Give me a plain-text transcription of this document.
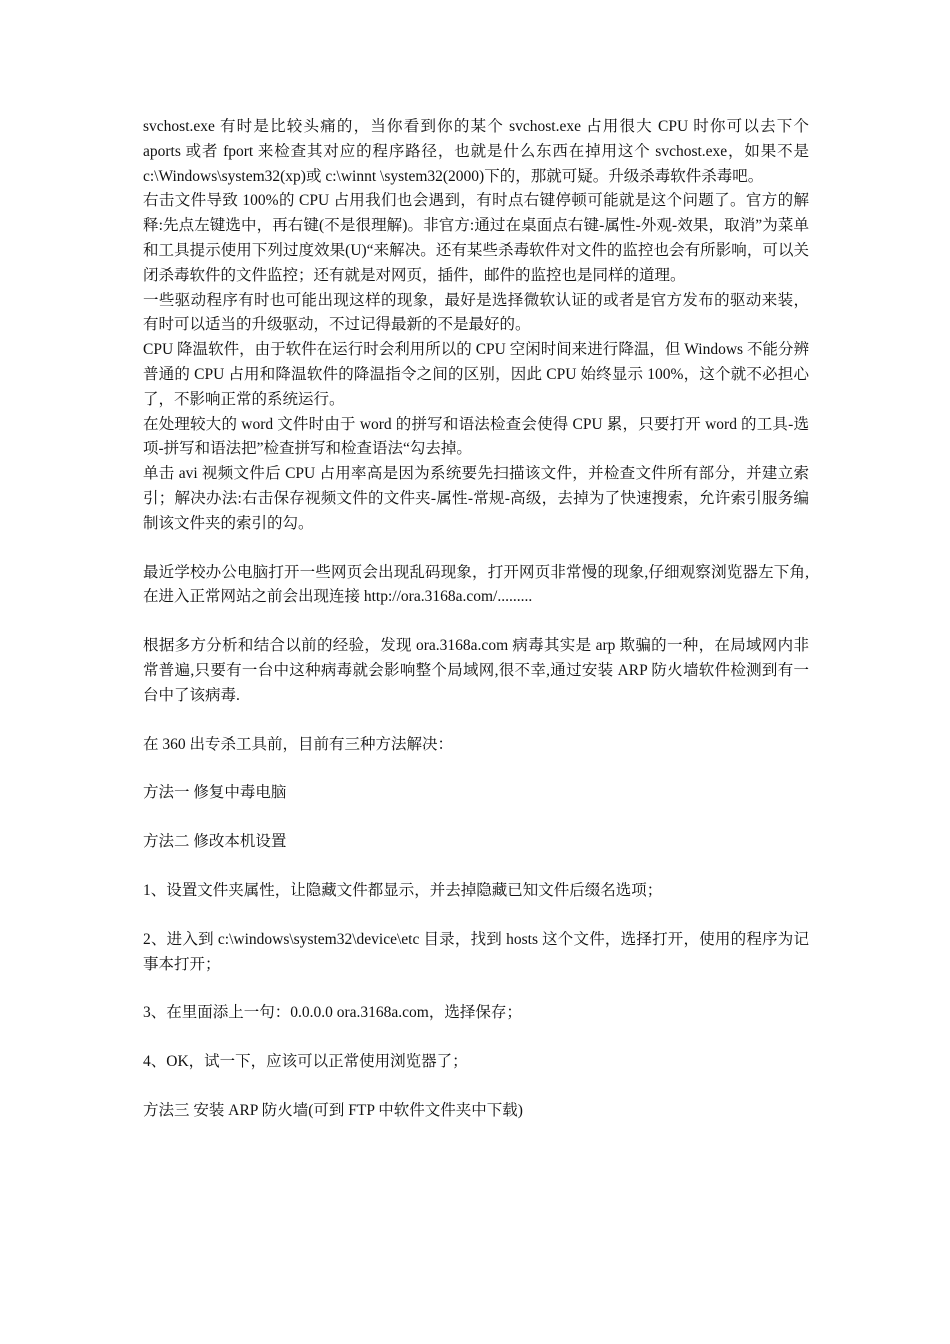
svchost.exe 有时是比较头痛的，当你看到你的某个 svchost.exe 占用很大 CPU 时你可以去下个 aports 或者 fport 来检查其对应的程序路径，也就是什么东西在掉用这个 svchost.exe，如果不是 c:\Windows\system32(xp)或 c:\winnt \system32(2000)下的，那就可疑。升级杀毒软件杀毒吧。

右击文件导致 100%的 CPU 占用我们也会遇到，有时点右键停顿可能就是这个问题了。官方的解释:先点左键选中，再右键(不是很理解)。非官方:通过在桌面点右键-属性-外观-效果，取消”为菜单和工具提示使用下列过度效果(U)“来解决。还有某些杀毒软件对文件的监控也会有所影响，可以关闭杀毒软件的文件监控；还有就是对网页，插件，邮件的监控也是同样的道理。

一些驱动程序有时也可能出现这样的现象，最好是选择微软认证的或者是官方发布的驱动来装，有时可以适当的升级驱动，不过记得最新的不是最好的。

CPU 降温软件，由于软件在运行时会利用所以的 CPU 空闲时间来进行降温，但 Windows 不能分辨普通的 CPU 占用和降温软件的降温指令之间的区别，因此 CPU 始终显示 100%，这个就不必担心了，不影响正常的系统运行。

在处理较大的 word 文件时由于 word 的拼写和语法检查会使得 CPU 累，只要打开 word 的工具-选项-拼写和语法把”检查拼写和检查语法“勾去掉。

单击 avi 视频文件后 CPU 占用率高是因为系统要先扫描该文件，并检查文件所有部分，并建立索引；解决办法:右击保存视频文件的文件夹-属性-常规-高级，去掉为了快速搜索，允许索引服务编制该文件夹的索引的勾。

最近学校办公电脑打开一些网页会出现乱码现象，打开网页非常慢的现象,仔细观察浏览器左下角,在进入正常网站之前会出现连接 http://ora.3168a.com/.........

根据多方分析和结合以前的经验，发现 ora.3168a.com 病毒其实是 arp 欺骗的一种，在局域网内非常普遍,只要有一台中这种病毒就会影响整个局域网,很不幸,通过安装 ARP 防火墙软件检测到有一台中了该病毒.

在 360 出专杀工具前，目前有三种方法解决：

方法一 修复中毒电脑

方法二 修改本机设置

1、设置文件夹属性，让隐藏文件都显示，并去掉隐藏已知文件后缀名选项；

2、进入到 c:\windows\system32\device\etc 目录，找到 hosts 这个文件，选择打开，使用的程序为记事本打开；

3、在里面添上一句：0.0.0.0 ora.3168a.com，选择保存；

4、OK，试一下，应该可以正常使用浏览器了；

方法三 安装 ARP 防火墙(可到 FTP 中软件文件夹中下载)
